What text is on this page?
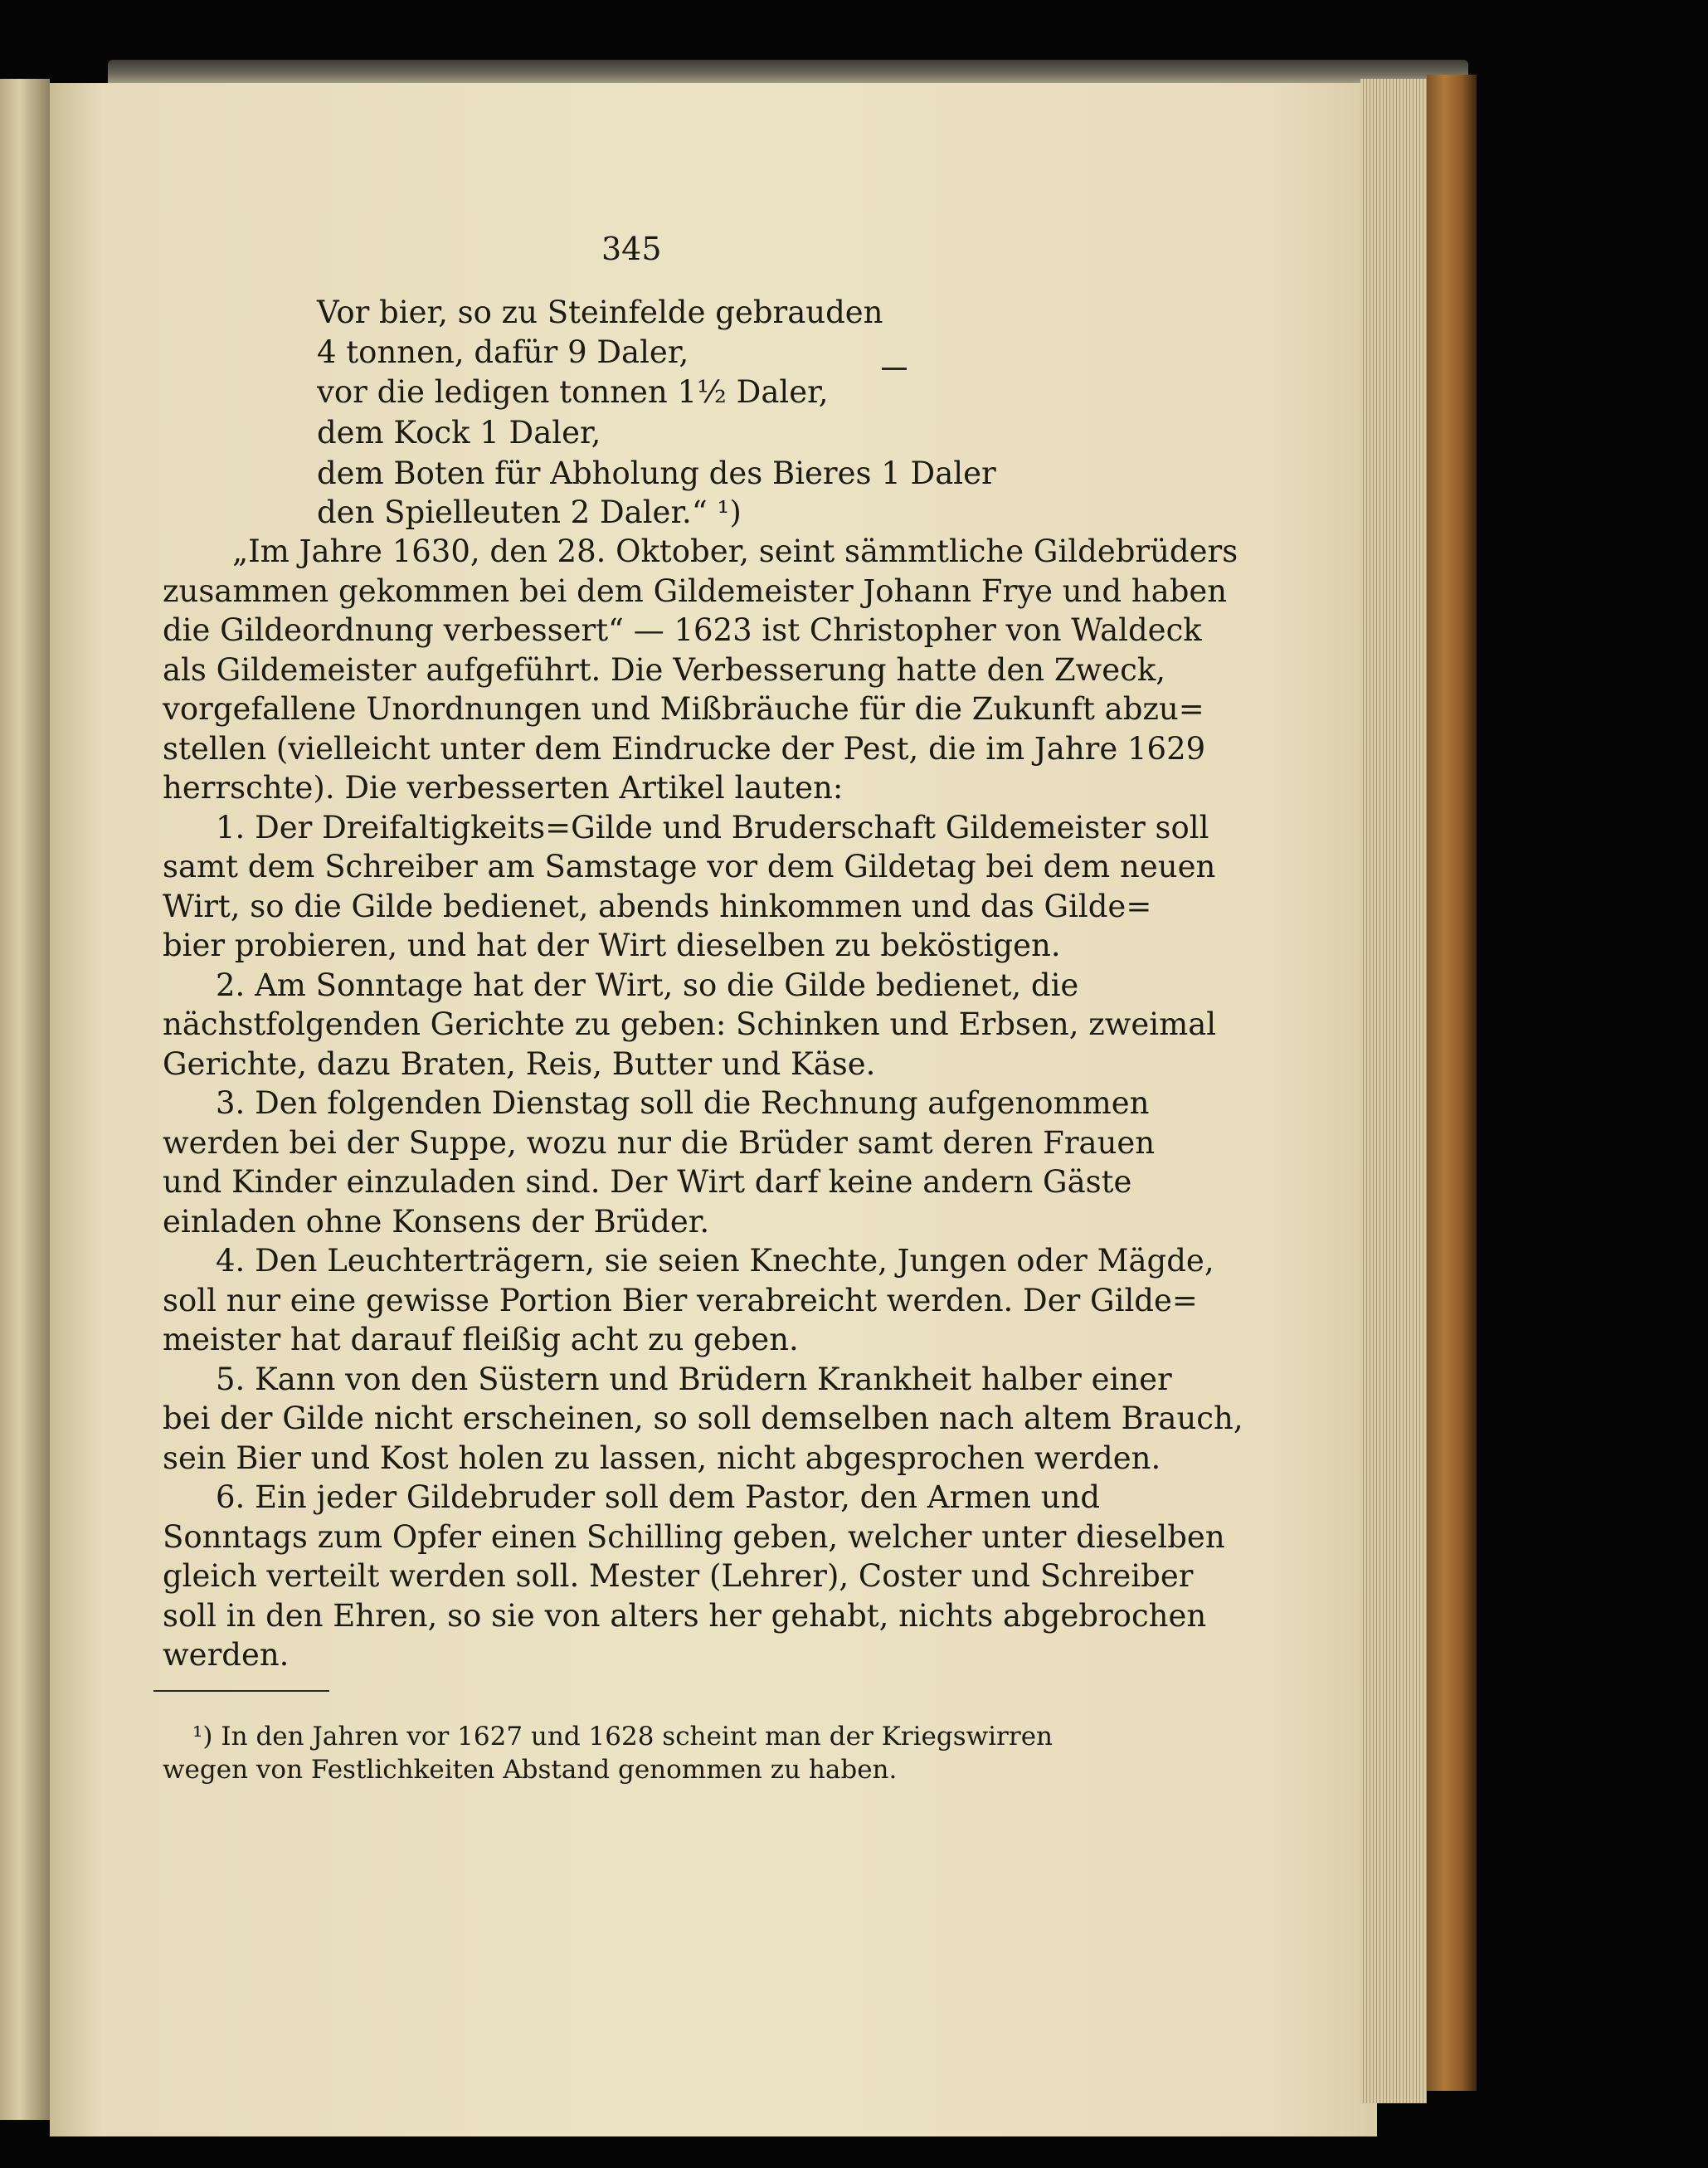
345
Vor bier, so zu Steinfelde gebrauden
4 tonnen, dafür 9 Daler,
vor die ledigen tonnen 1½ Daler,
dem Kock 1 Daler,
dem Boten für Abholung des Bieres 1 Daler
den Spielleuten 2 Daler.“ ¹)
„Im Jahre 1630, den 28. Oktober, seint sämmtliche Gildebrüders
zusammen gekommen bei dem Gildemeister Johann Frye und haben
die Gildeordnung verbessert“ — 1623 ist Christopher von Waldeck
als Gildemeister aufgeführt. Die Verbesserung hatte den Zweck,
vorgefallene Unordnungen und Mißbräuche für die Zukunft abzu=
stellen (vielleicht unter dem Eindrucke der Pest, die im Jahre 1629
herrschte). Die verbesserten Artikel lauten:
1. Der Dreifaltigkeits=Gilde und Bruderschaft Gildemeister soll
samt dem Schreiber am Samstage vor dem Gildetag bei dem neuen
Wirt, so die Gilde bedienet, abends hinkommen und das Gilde=
bier probieren, und hat der Wirt dieselben zu beköstigen.
2. Am Sonntage hat der Wirt, so die Gilde bedienet, die
nächstfolgenden Gerichte zu geben: Schinken und Erbsen, zweimal
Gerichte, dazu Braten, Reis, Butter und Käse.
3. Den folgenden Dienstag soll die Rechnung aufgenommen
werden bei der Suppe, wozu nur die Brüder samt deren Frauen
und Kinder einzuladen sind. Der Wirt darf keine andern Gäste
einladen ohne Konsens der Brüder.
4. Den Leuchterträgern, sie seien Knechte, Jungen oder Mägde,
soll nur eine gewisse Portion Bier verabreicht werden. Der Gilde=
meister hat darauf fleißig acht zu geben.
5. Kann von den Süstern und Brüdern Krankheit halber einer
bei der Gilde nicht erscheinen, so soll demselben nach altem Brauch,
sein Bier und Kost holen zu lassen, nicht abgesprochen werden.
6. Ein jeder Gildebruder soll dem Pastor, den Armen und
Sonntags zum Opfer einen Schilling geben, welcher unter dieselben
gleich verteilt werden soll. Mester (Lehrer), Coster und Schreiber
soll in den Ehren, so sie von alters her gehabt, nichts abgebrochen
werden.
¹) In den Jahren vor 1627 und 1628 scheint man der Kriegswirren
wegen von Festlichkeiten Abstand genommen zu haben.
